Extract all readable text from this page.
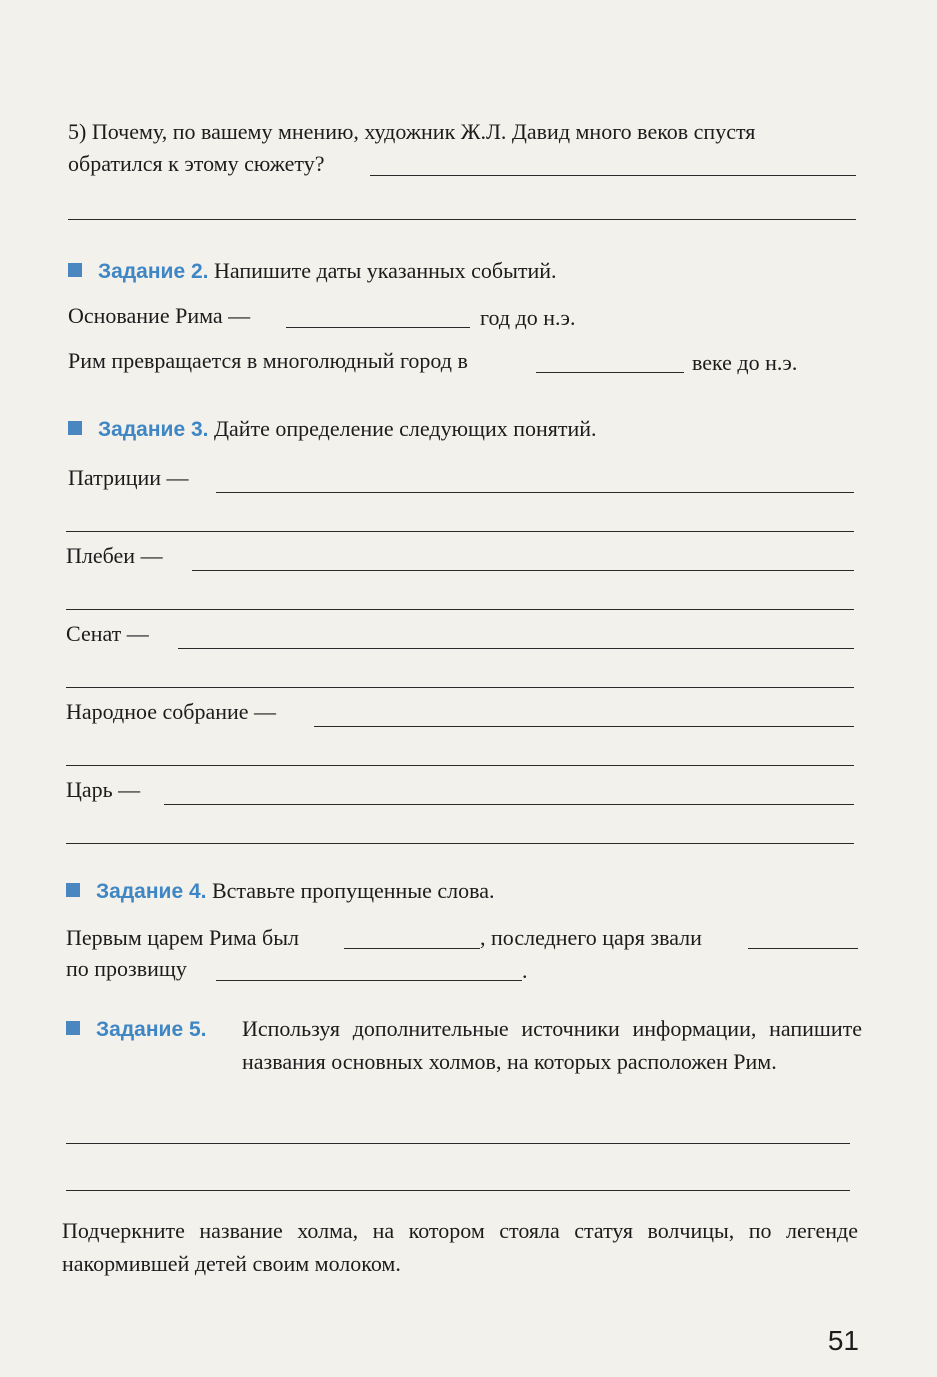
5) Почему, по вашему мнению, художник Ж.Л. Давид много веков спустя
обратился к этому сюжету?
Задание 2. Напишите даты указанных событий.
Основание Рима —	год до н.э.
Рим превращается в многолюдный город в	веке до н.э.
Задание 3. Дайте определение следующих понятий.
Патриции —
Плебеи —
Сенат —
Народное собрание —
Царь —
Задание 4. Вставьте пропущенные слова.
Первым царем Рима был	, последнего царя звали
по прозвищу	.
Задание 5. Используя дополнительные источники информации, напишите названия основных холмов, на которых расположен Рим.
Подчеркните название холма, на котором стояла статуя волчицы, по легенде накормившей детей своим молоком.
51
